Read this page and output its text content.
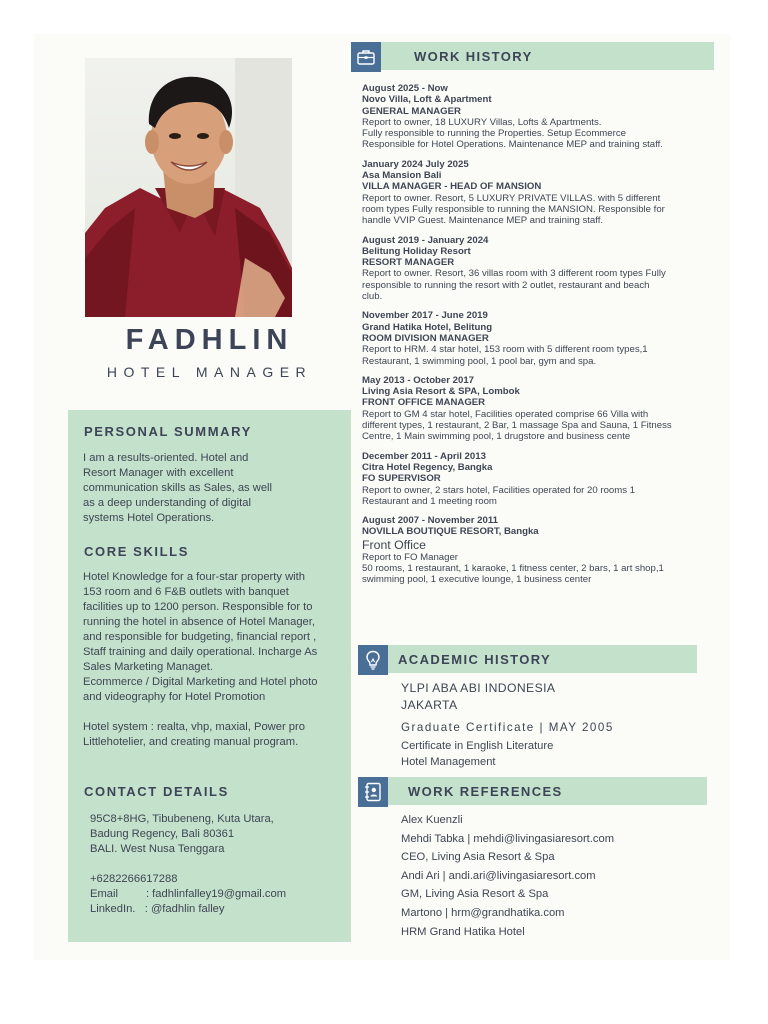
FADHLIN
HOTEL MANAGER
PERSONAL SUMMARY
I am a results-oriented. Hotel and
Resort Manager with excellent
communication skills as Sales, as well
as a deep understanding of digital
systems Hotel Operations.
CORE SKILLS
Hotel Knowledge for a four-star property with
153 room and 6 F&B outlets with banquet
facilities up to 1200 person. Responsible for to
running the hotel in absence of Hotel Manager,
and responsible for budgeting, financial report ,
Staff training and daily operational. Incharge As
Sales Marketing Managet.
Ecommerce / Digital Marketing and Hotel photo
and videography for Hotel Promotion

Hotel system : realta, vhp, maxial, Power pro
Littlehotelier, and creating manual program.
CONTACT DETAILS
95C8+8HG, Tibubeneng, Kuta Utara,
Badung Regency, Bali 80361
BALI. West Nusa Tenggara
+6282266617288
Email         : fadhlinfalley19@gmail.com
LinkedIn.   : @fadhlin falley
WORK HISTORY
August 2025 - Now
Novo Villa, Loft & Apartment
GENERAL MANAGER
Report to owner, 18 LUXURY Villas, Lofts & Apartments.
Fully responsible to running the Properties. Setup Ecommerce
Responsible for Hotel Operations. Maintenance MEP and training staff.
January 2024 July 2025
Asa Mansion Bali
VILLA MANAGER - HEAD OF MANSION
Report to owner. Resort, 5 LUXURY PRIVATE VILLAS. with 5 different
room types Fully responsible to running the MANSION. Responsible for
handle VVIP Guest. Maintenance MEP and training staff.
August 2019 - January 2024
Belitung Holiday Resort
RESORT MANAGER
Report to owner. Resort, 36 villas room with 3 different room types Fully
responsible to running the resort with 2 outlet, restaurant and beach
club.
November 2017 - June 2019
Grand Hatika Hotel, Belitung
ROOM DIVISION MANAGER
Report to HRM. 4 star hotel, 153 room with 5 different room types,1
Restaurant, 1 swimming pool, 1 pool bar, gym and spa.
May 2013 - October 2017
Living Asia Resort & SPA, Lombok
FRONT OFFICE MANAGER
Report to GM 4 star hotel, Facilities operated comprise 66 Villa with
different types, 1 restaurant, 2 Bar, 1 massage Spa and Sauna, 1 Fitness
Centre, 1 Main swimming pool, 1 drugstore and business cente
December 2011 - April 2013
Citra Hotel Regency, Bangka
FO SUPERVISOR
Report to owner, 2 stars hotel, Facilities operated for 20 rooms 1
Restaurant and 1 meeting room
August 2007 - November 2011
NOVILLA BOUTIQUE RESORT, Bangka
Front Office
Report to FO Manager
50 rooms, 1 restaurant, 1 karaoke, 1 fitness center, 2 bars, 1 art shop,1
swimming pool, 1 executive lounge, 1 business center
ACADEMIC HISTORY
YLPI ABA ABI INDONESIA
JAKARTA
Graduate Certificate | MAY 2005
Certificate in English Literature
Hotel Management
WORK REFERENCES
Alex Kuenzli
Mehdi Tabka | mehdi@livingasiaresort.com
CEO, Living Asia Resort & Spa
Andi Ari | andi.ari@livingasiaresort.com
GM, Living Asia Resort & Spa
Martono | hrm@grandhatika.com
HRM Grand Hatika Hotel
